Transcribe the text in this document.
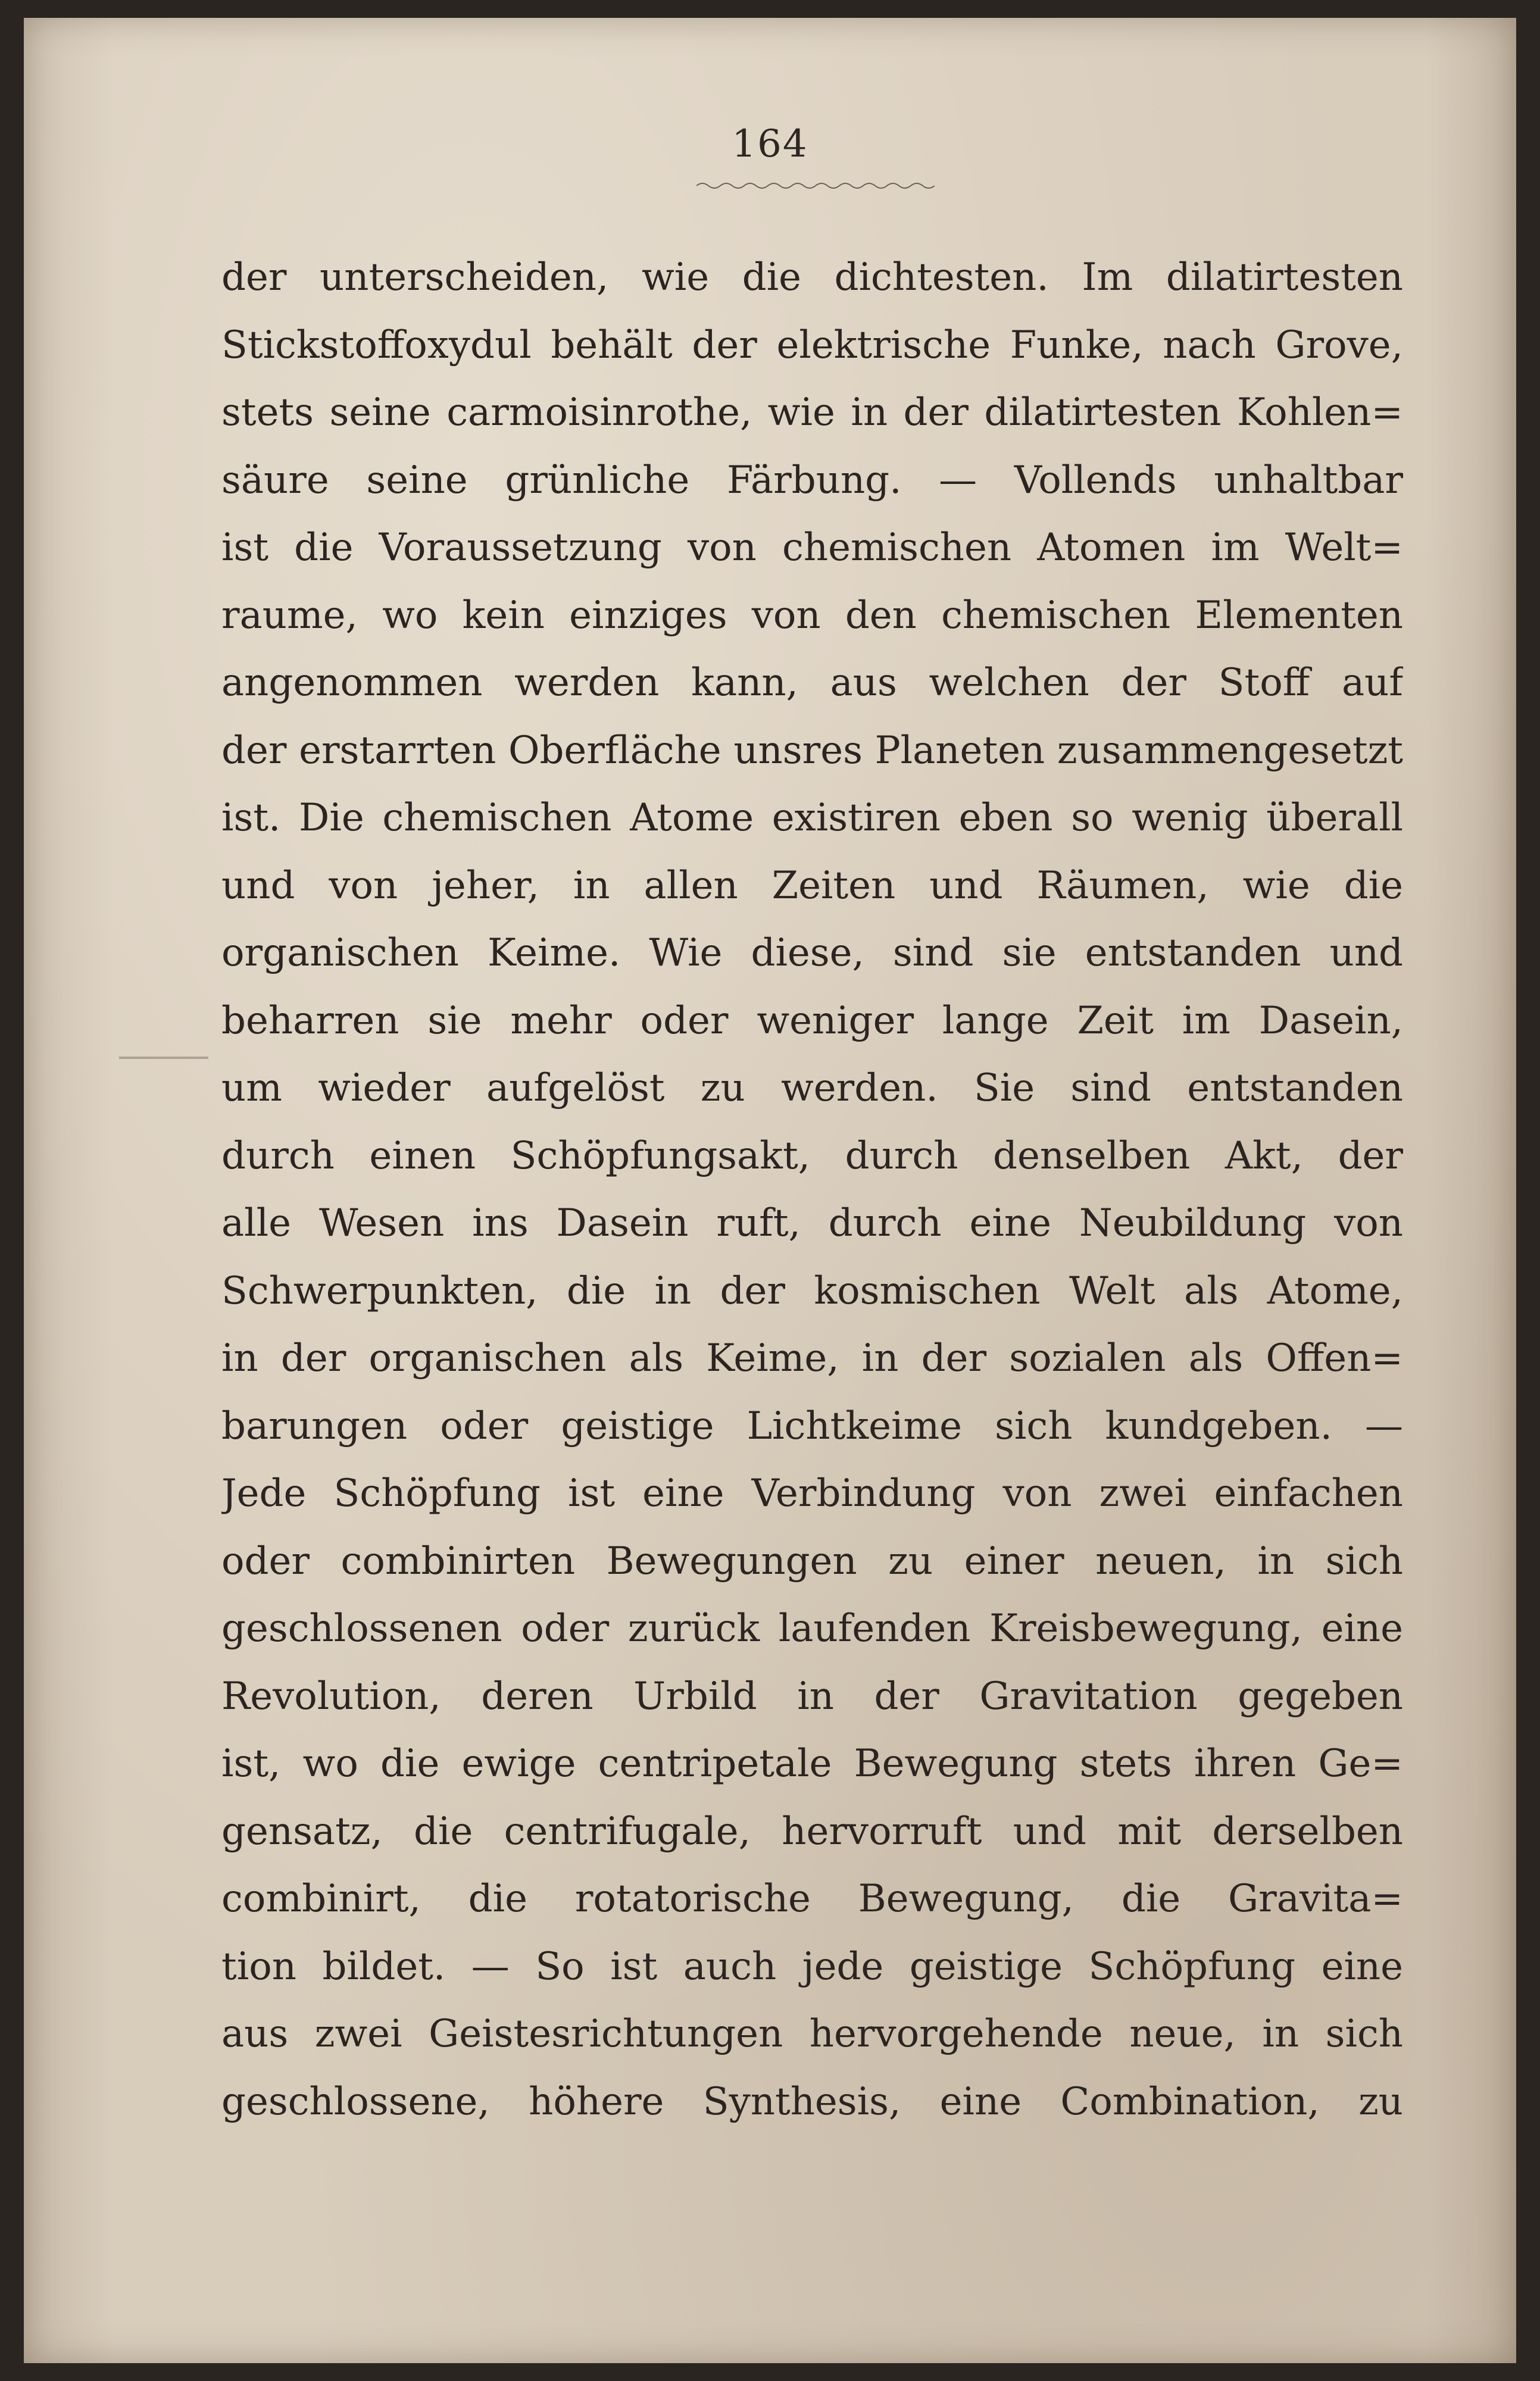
164
der unterscheiden, wie die dichtesten. Im dilatirtesten
Stickstoffoxydul behält der elektrische Funke, nach Grove,
stets seine carmoisinrothe, wie in der dilatirtesten Kohlen=
säure seine grünliche Färbung. — Vollends unhaltbar
ist die Voraussetzung von chemischen Atomen im Welt=
raume, wo kein einziges von den chemischen Elementen
angenommen werden kann, aus welchen der Stoff auf
der erstarrten Oberfläche unsres Planeten zusammengesetzt
ist. Die chemischen Atome existiren eben so wenig überall
und von jeher, in allen Zeiten und Räumen, wie die
organischen Keime. Wie diese, sind sie entstanden und
beharren sie mehr oder weniger lange Zeit im Dasein,
um wieder aufgelöst zu werden. Sie sind entstanden
durch einen Schöpfungsakt, durch denselben Akt, der
alle Wesen ins Dasein ruft, durch eine Neubildung von
Schwerpunkten, die in der kosmischen Welt als Atome,
in der organischen als Keime, in der sozialen als Offen=
barungen oder geistige Lichtkeime sich kundgeben. —
Jede Schöpfung ist eine Verbindung von zwei einfachen
oder combinirten Bewegungen zu einer neuen, in sich
geschlossenen oder zurück laufenden Kreisbewegung, eine
Revolution, deren Urbild in der Gravitation gegeben
ist, wo die ewige centripetale Bewegung stets ihren Ge=
gensatz, die centrifugale, hervorruft und mit derselben
combinirt, die rotatorische Bewegung, die Gravita=
tion bildet. — So ist auch jede geistige Schöpfung eine
aus zwei Geistesrichtungen hervorgehende neue, in sich
geschlossene, höhere Synthesis, eine Combination, zu
